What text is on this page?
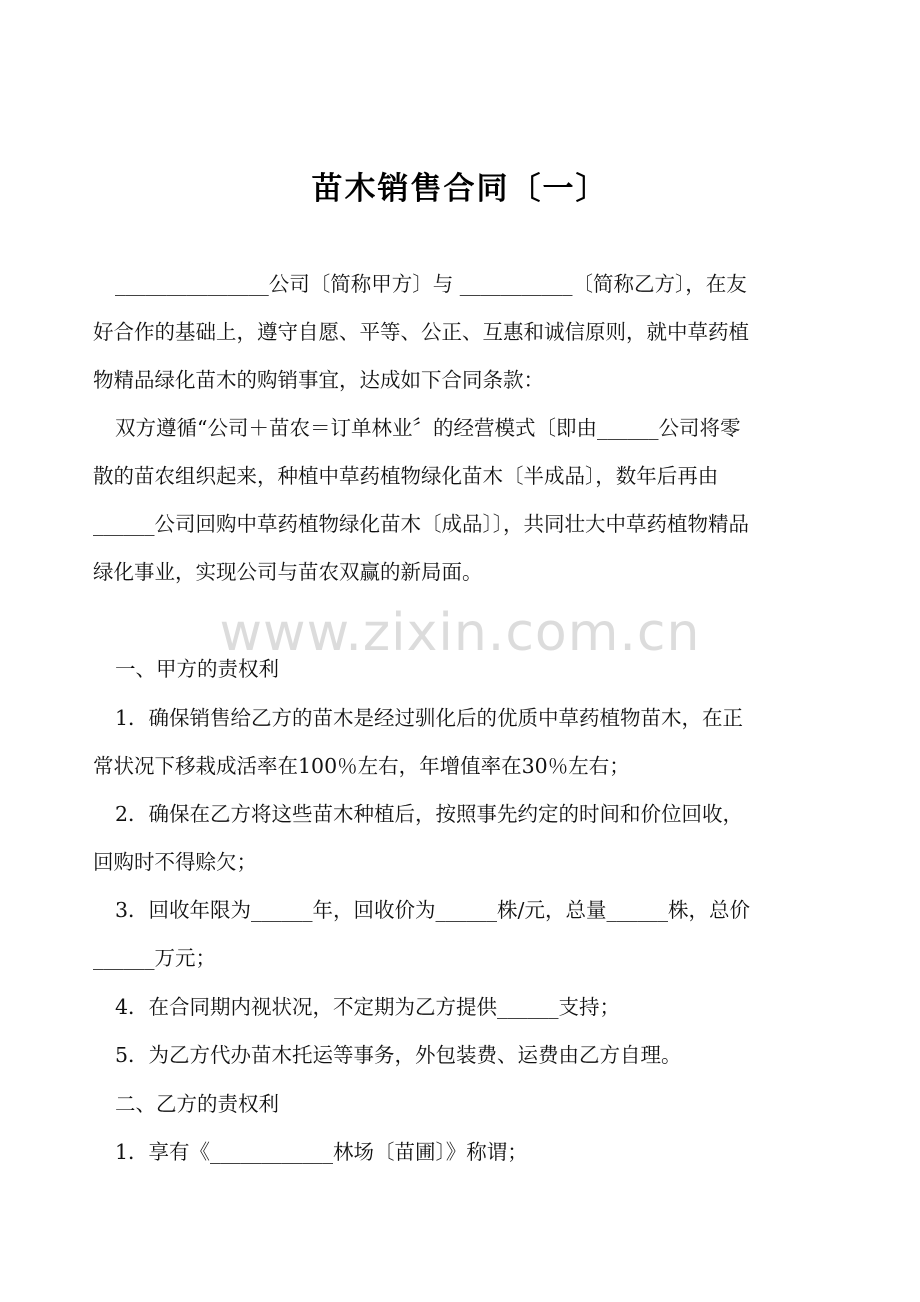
www.zixin.com.cn
苗木销售合同〔一〕
_______________公司〔简称甲方〕与 ___________〔简称乙方〕，在友
好合作的基础上，遵守自愿、平等、公正、互惠和诚信原则，就中草药植
物精品绿化苗木的购销事宜，达成如下合同条款：
双方遵循“公司＋苗农＝订单林业〞的经营模式〔即由______公司将零
散的苗农组织起来，种植中草药植物绿化苗木〔半成品〕，数年后再由
______公司回购中草药植物绿化苗木〔成品〕〕，共同壮大中草药植物精品
绿化事业，实现公司与苗农双赢的新局面。
一、甲方的责权利
1．确保销售给乙方的苗木是经过驯化后的优质中草药植物苗木，在正
常状况下移栽成活率在100％左右，年增值率在30％左右；
2．确保在乙方将这些苗木种植后，按照事先约定的时间和价位回收，
回购时不得赊欠；
3．回收年限为______年，回收价为______株/元，总量______株，总价
______万元；
4．在合同期内视状况，不定期为乙方提供______支持；
5．为乙方代办苗木托运等事务，外包装费、运费由乙方自理。
二、乙方的责权利
1．享有《____________林场〔苗圃〕》称谓；
